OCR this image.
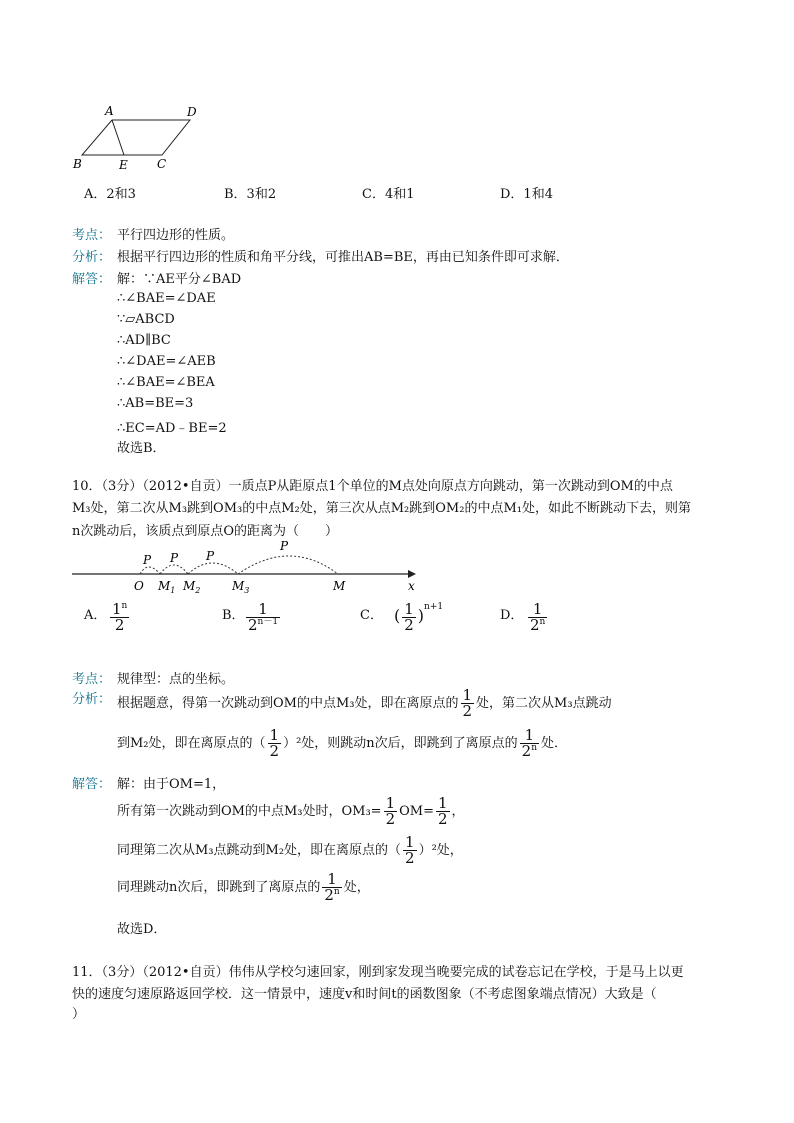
A	D
B	E C
A．2和3	B．3和2	C．4和1	D．1和4
考点： 平行四边形的性质。
分析： 根据平行四边形的性质和角平分线，可推出AB=BE，再由已知条件即可求解．
解答： 解：∵AE平分∠BAD
∴∠BAE=∠DAE
∵▱ABCD
∴AD∥BC
∴∠DAE=∠AEB
∴∠BAE=∠BEA
∴AB=BE=3
∴EC=AD﹣BE=2
故选B．
10．（3分）（2012•自贡）一质点P从距原点1个单位的M点处向原点方向跳动，第一次跳动到OM的中点
M₃处，第二次从M₃跳到OM₃的中点M₂处，第三次从点M₂跳到OM₂的中点M₁处，如此不断跳动下去，则第
n次跳动后，该质点到原点O的距离为（　　）
P P P
P
O $M_1$ $M_2$	$M_3$	M	x
A． $\frac{1^n}{2}$	B． $\frac{1}{2^{n-1}}$	C． ( $\frac{1}{2} )^{n+1}$
D． $\frac{1}{2^n}$
考点： 规律型：点的坐标。
分析： 根据题意，得第一次跳动到OM的中点M₃处，即在离原点的 $\frac{1}{2}$ 处，第二次从M₃点跳动
到M₂处，即在离原点的（ $\frac{1}{2} )^2$处，则跳动n次后，即跳到了离原点的 $\frac{1}{2^n}$ 处．
解答： 解：由于OM=1，
所有第一次跳动到OM的中点M₃处时，$OM_3= \frac{1}{2} OM= \frac{1}{2}$ ，
同理第二次从M₃点跳动到M₂处，即在离原点的（ $\frac{1}{2} )^2$处，
同理跳动n次后，即跳到了离原点的 $\frac{1}{2^n}$ 处，
故选D．
11．（3分）（2012•自贡）伟伟从学校匀速回家，刚到家发现当晚要完成的试卷忘记在学校，于是马上以更
快的速度匀速原路返回学校．这一情景中，速度v和时间t的函数图象（不考虑图象端点情况）大致是（
）
